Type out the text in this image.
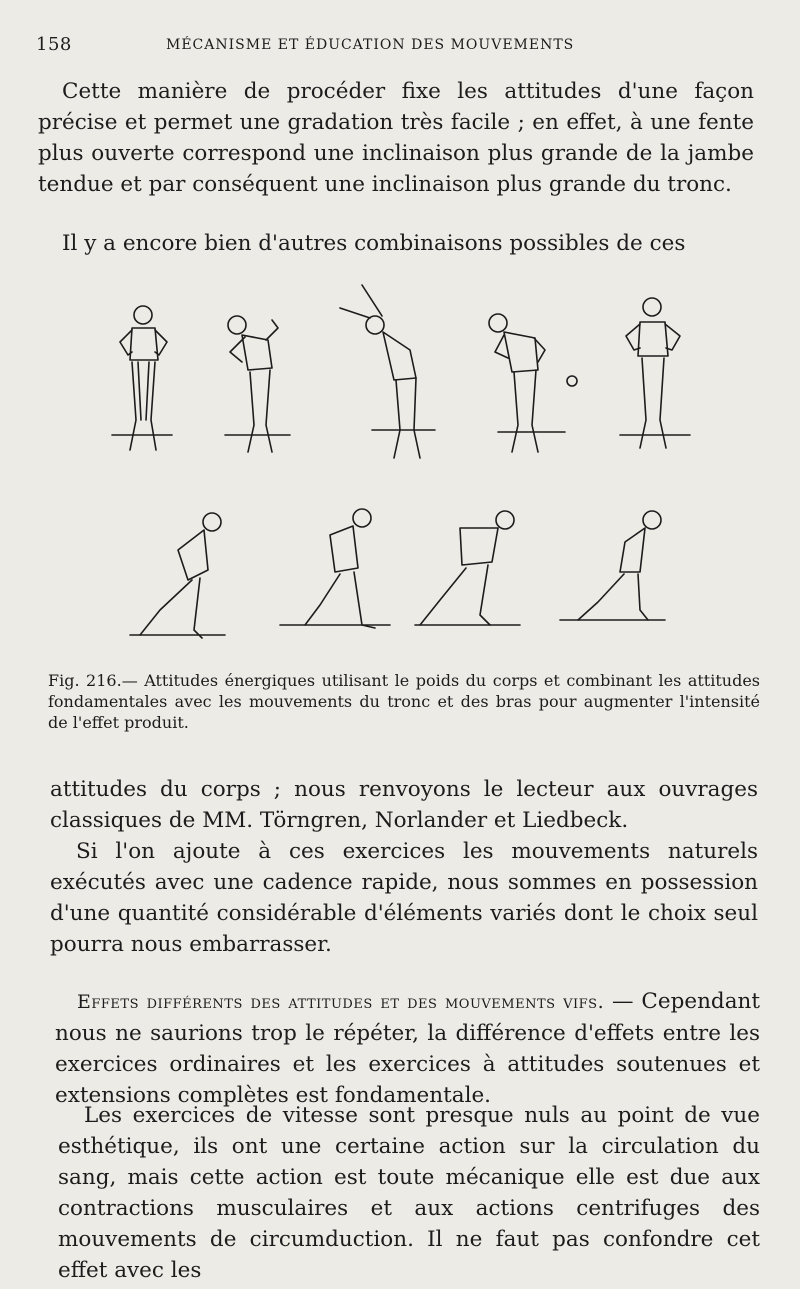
158	MÉCANISME ET ÉDUCATION DES MOUVEMENTS

Cette manière de procéder fixe les attitudes d'une façon précise et permet une gradation très facile ; en effet, à une fente plus ouverte correspond une inclinaison plus grande de la jambe tendue et par conséquent une inclinaison plus grande du tronc.

Il y a encore bien d'autres combinaisons possibles de ces

Fig. 216.— Attitudes énergiques utilisant le poids du corps et combinant les attitudes fondamentales avec les mouvements du tronc et des bras pour augmenter l'intensité de l'effet produit.

attitudes du corps ; nous renvoyons le lecteur aux ouvrages classiques de MM. Törngren, Norlander et Liedbeck.

Si l'on ajoute à ces exercices les mouvements naturels exécutés avec une cadence rapide, nous sommes en possession d'une quantité considérable d'éléments variés dont le choix seul pourra nous embarrasser.

Effets différents des attitudes et des mouvements vifs. — Cependant nous ne saurions trop le répéter, la différence d'effets entre les exercices ordinaires et les exercices à attitudes soutenues et extensions complètes est fondamentale.

Les exercices de vitesse sont presque nuls au point de vue esthétique, ils ont une certaine action sur la circulation du sang, mais cette action est toute mécanique elle est due aux contractions musculaires et aux actions centrifuges des mouvements de circumduction. Il ne faut pas confondre cet effet avec les
